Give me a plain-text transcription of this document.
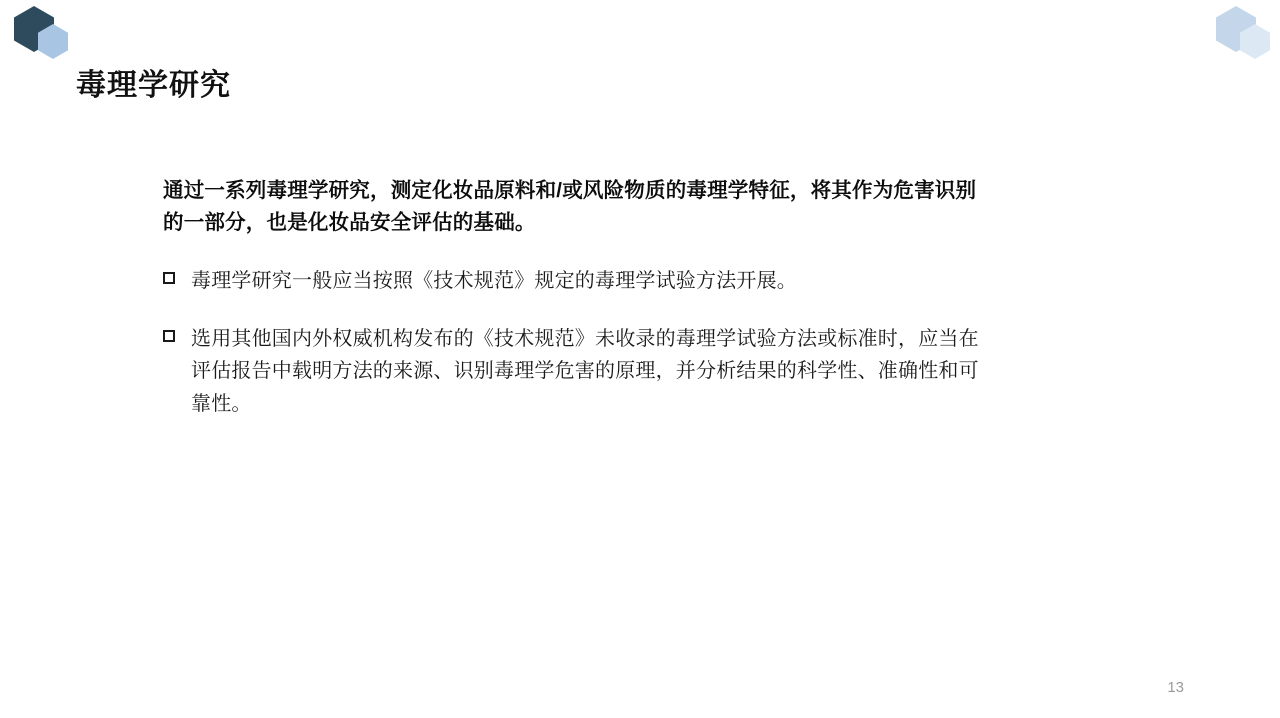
毒理学研究

通过一系列毒理学研究，测定化妆品原料和/或风险物质的毒理学特征，将其作为危害识别的一部分，也是化妆品安全评估的基础。

毒理学研究一般应当按照《技术规范》规定的毒理学试验方法开展。
选用其他国内外权威机构发布的《技术规范》未收录的毒理学试验方法或标准时，应当在评估报告中载明方法的来源、识别毒理学危害的原理，并分析结果的科学性、准确性和可靠性。
13
